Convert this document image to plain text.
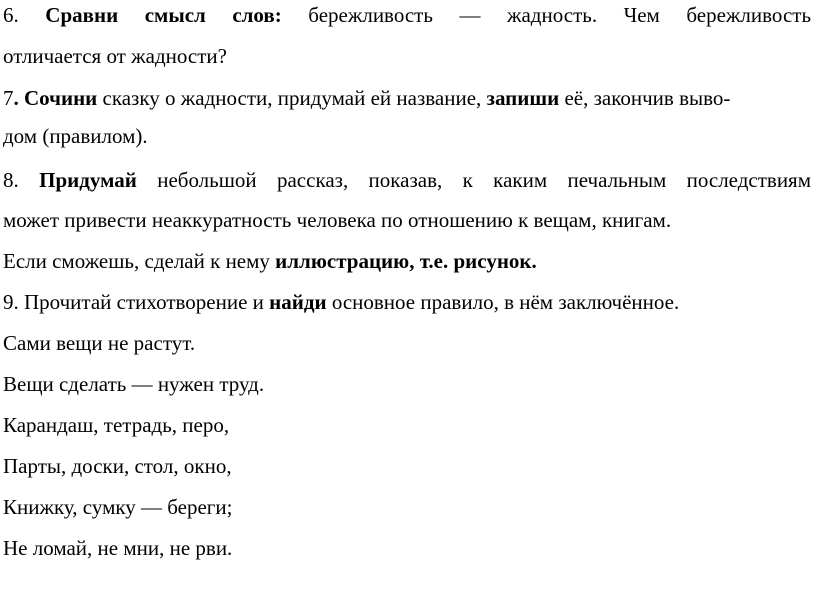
6. Сравни смысл слов: бережливость — жадность. Чем бережливость
отличается от жадности?
7. Сочини сказку о жадности, придумай ей название, запиши её, закончив выво-
дом (правилом).
8. Придумай небольшой рассказ, показав, к каким печальным последствиям
может привести неаккуратность человека по отношению к вещам, книгам.
Если сможешь, сделай к нему иллюстрацию, т.е. рисунок.
9. Прочитай стихотворение и найди основное правило, в нём заключённое.
Сами вещи не растут.
Вещи сделать — нужен труд.
Карандаш, тетрадь, перо,
Парты, доски, стол, окно,
Книжку, сумку — береги;
Не ломай, не мни, не рви.
